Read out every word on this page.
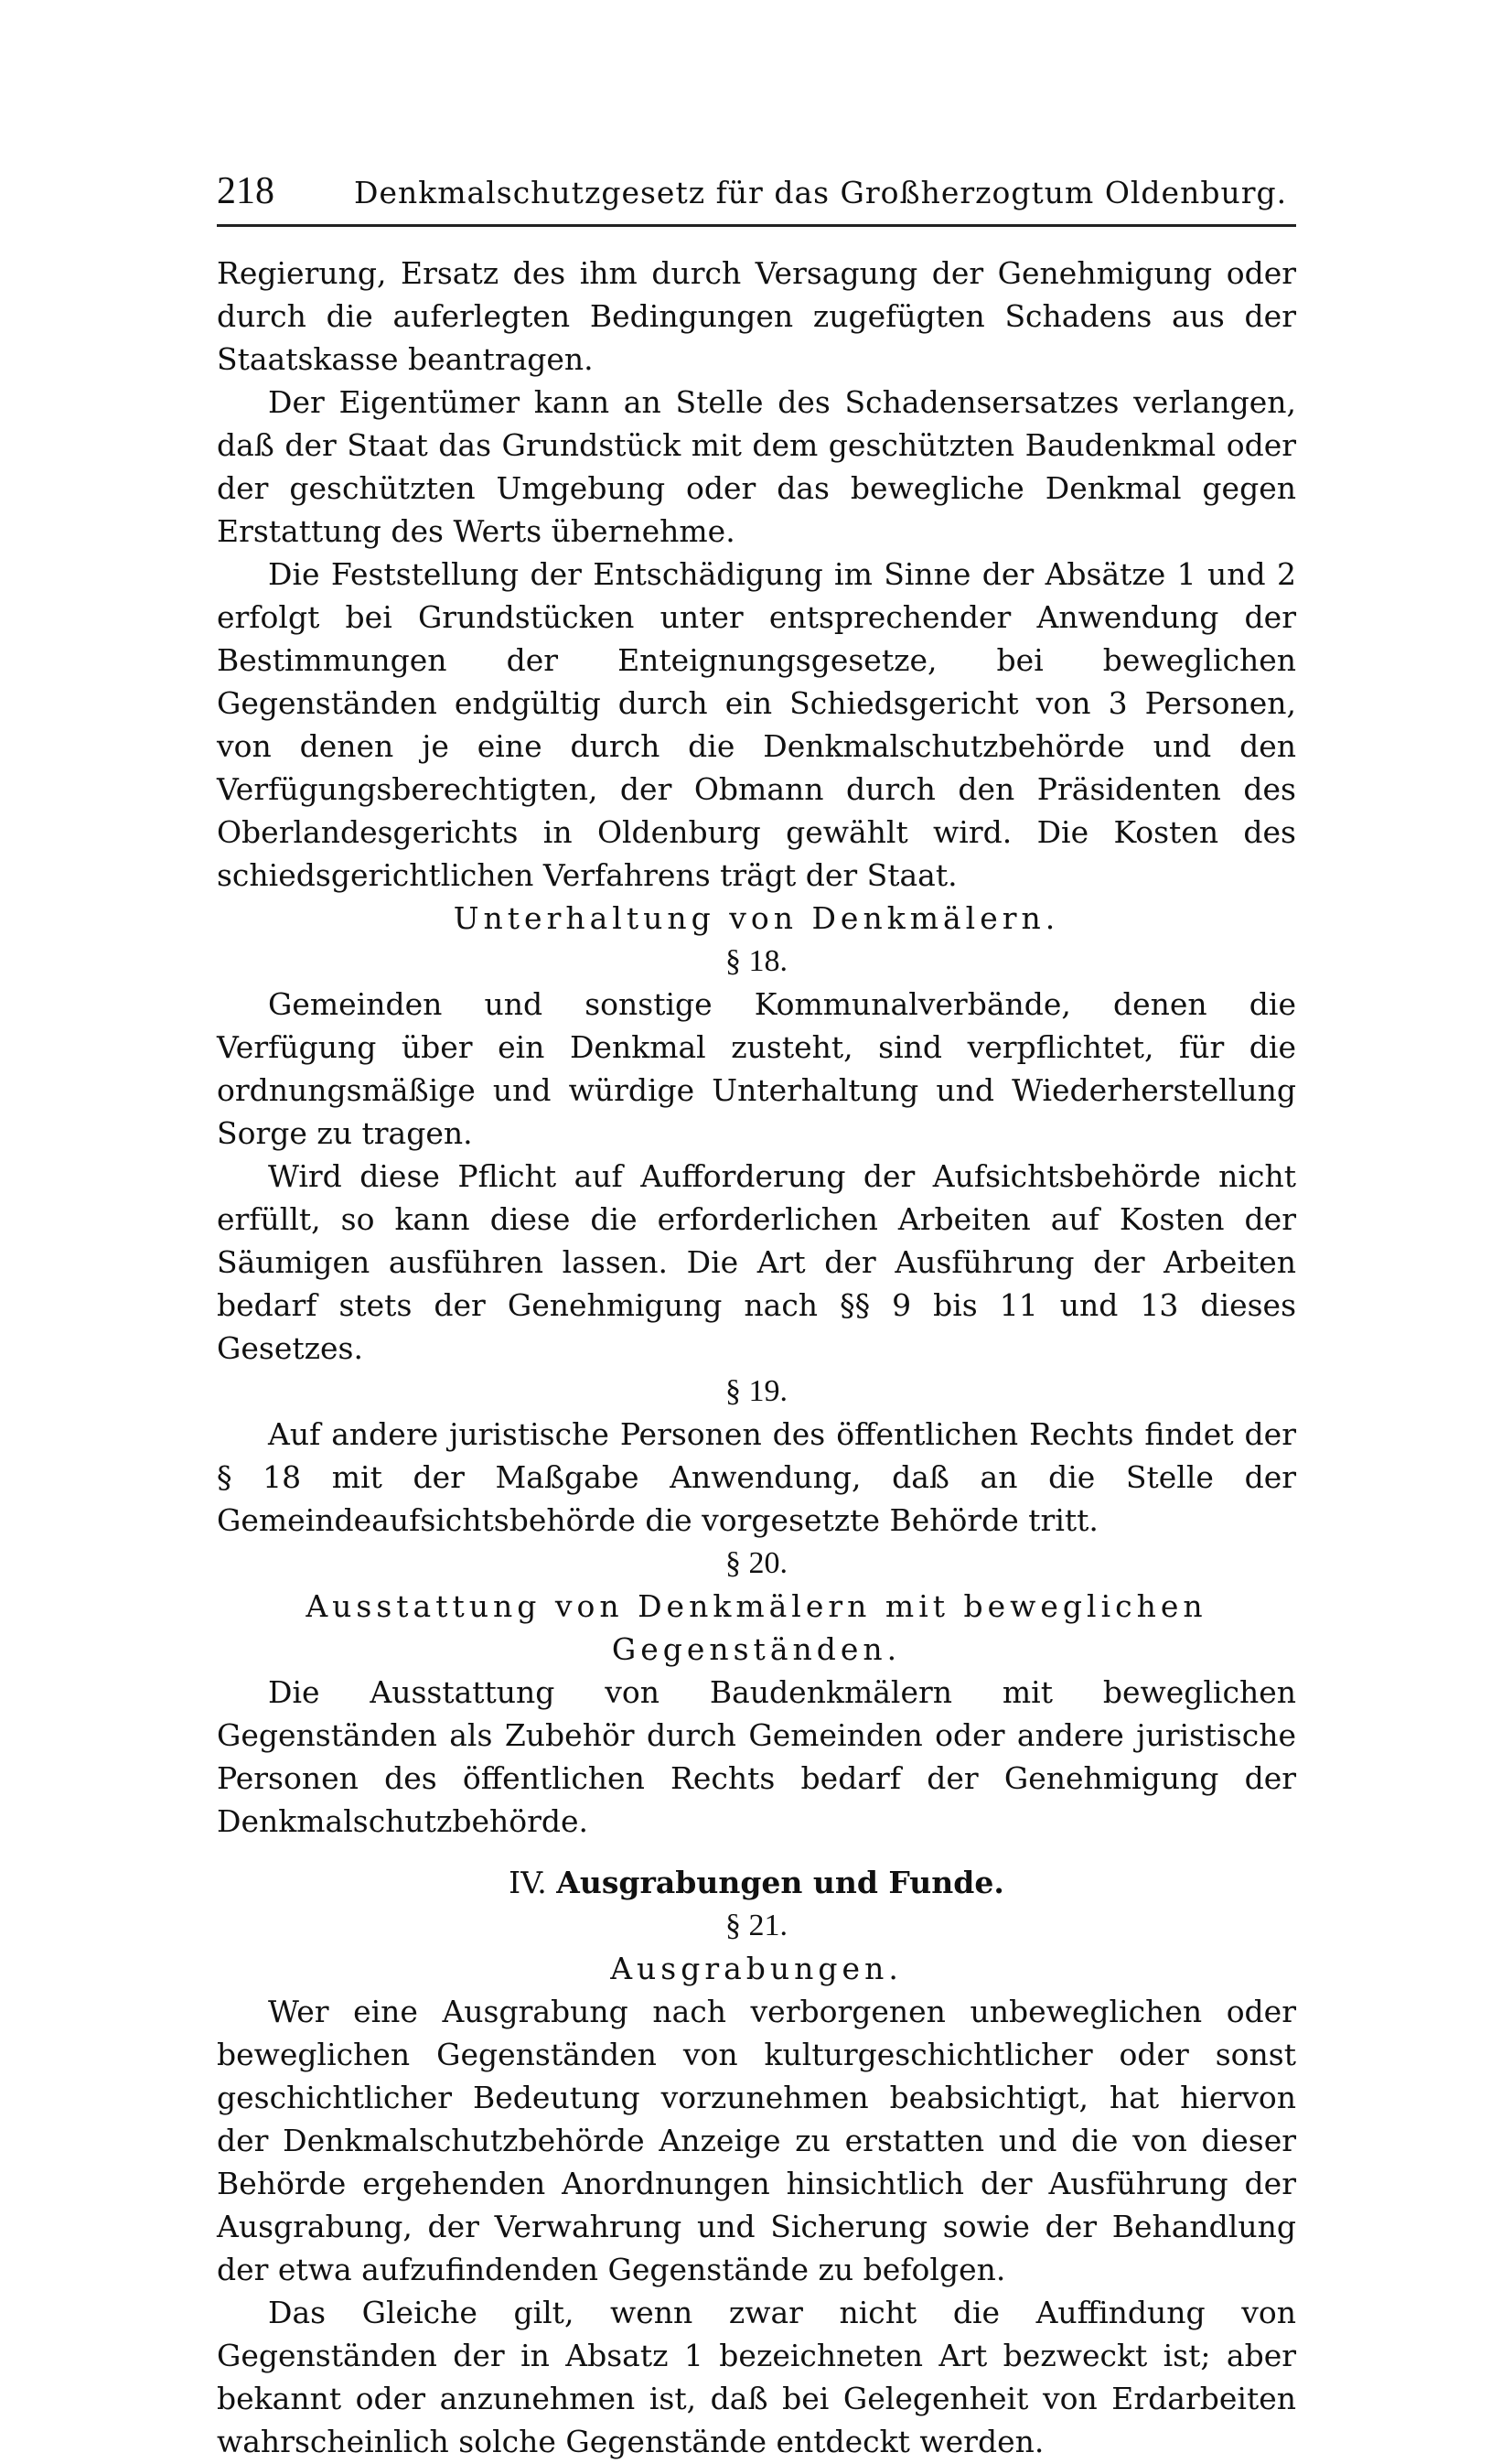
218	Denkmalschutzgesetz für das Großherzogtum Oldenburg.

Regierung, Ersatz des ihm durch Versagung der Genehmigung oder durch die auferlegten Bedingungen zugefügten Schadens aus der Staatskasse beantragen.

Der Eigentümer kann an Stelle des Schadensersatzes verlangen, daß der Staat das Grundstück mit dem geschützten Baudenkmal oder der geschützten Umgebung oder das bewegliche Denkmal gegen Erstattung des Werts übernehme.

Die Feststellung der Entschädigung im Sinne der Absätze 1 und 2 erfolgt bei Grundstücken unter entsprechender Anwendung der Bestimmungen der Enteignungsgesetze, bei beweglichen Gegenständen endgültig durch ein Schiedsgericht von 3 Personen, von denen je eine durch die Denkmalschutzbehörde und den Verfügungsberechtigten, der Obmann durch den Präsidenten des Oberlandesgerichts in Oldenburg gewählt wird. Die Kosten des schiedsgerichtlichen Verfahrens trägt der Staat.

Unterhaltung von Denkmälern.

§ 18.

Gemeinden und sonstige Kommunalverbände, denen die Verfügung über ein Denkmal zusteht, sind verpflichtet, für die ordnungsmäßige und würdige Unterhaltung und Wiederherstellung Sorge zu tragen.

Wird diese Pflicht auf Aufforderung der Aufsichtsbehörde nicht erfüllt, so kann diese die erforderlichen Arbeiten auf Kosten der Säumigen ausführen lassen. Die Art der Ausführung der Arbeiten bedarf stets der Genehmigung nach §§ 9 bis 11 und 13 dieses Gesetzes.

§ 19.

Auf andere juristische Personen des öffentlichen Rechts findet der § 18 mit der Maßgabe Anwendung, daß an die Stelle der Gemeindeaufsichtsbehörde die vorgesetzte Behörde tritt.

§ 20.

Ausstattung von Denkmälern mit beweglichen Gegenständen.

Die Ausstattung von Baudenkmälern mit beweglichen Gegenständen als Zubehör durch Gemeinden oder andere juristische Personen des öffentlichen Rechts bedarf der Genehmigung der Denkmalschutzbehörde.

IV. Ausgrabungen und Funde.

§ 21.

Ausgrabungen.

Wer eine Ausgrabung nach verborgenen unbeweglichen oder beweglichen Gegenständen von kulturgeschichtlicher oder sonst geschichtlicher Bedeutung vorzunehmen beabsichtigt, hat hiervon der Denkmalschutzbehörde Anzeige zu erstatten und die von dieser Behörde ergehenden Anordnungen hinsichtlich der Ausführung der Ausgrabung, der Verwahrung und Sicherung sowie der Behandlung der etwa aufzufindenden Gegenstände zu befolgen.

Das Gleiche gilt, wenn zwar nicht die Auffindung von Gegenständen der in Absatz 1 bezeichneten Art bezweckt ist; aber bekannt oder anzunehmen ist, daß bei Gelegenheit von Erdarbeiten wahrscheinlich solche Gegenstände entdeckt werden.
